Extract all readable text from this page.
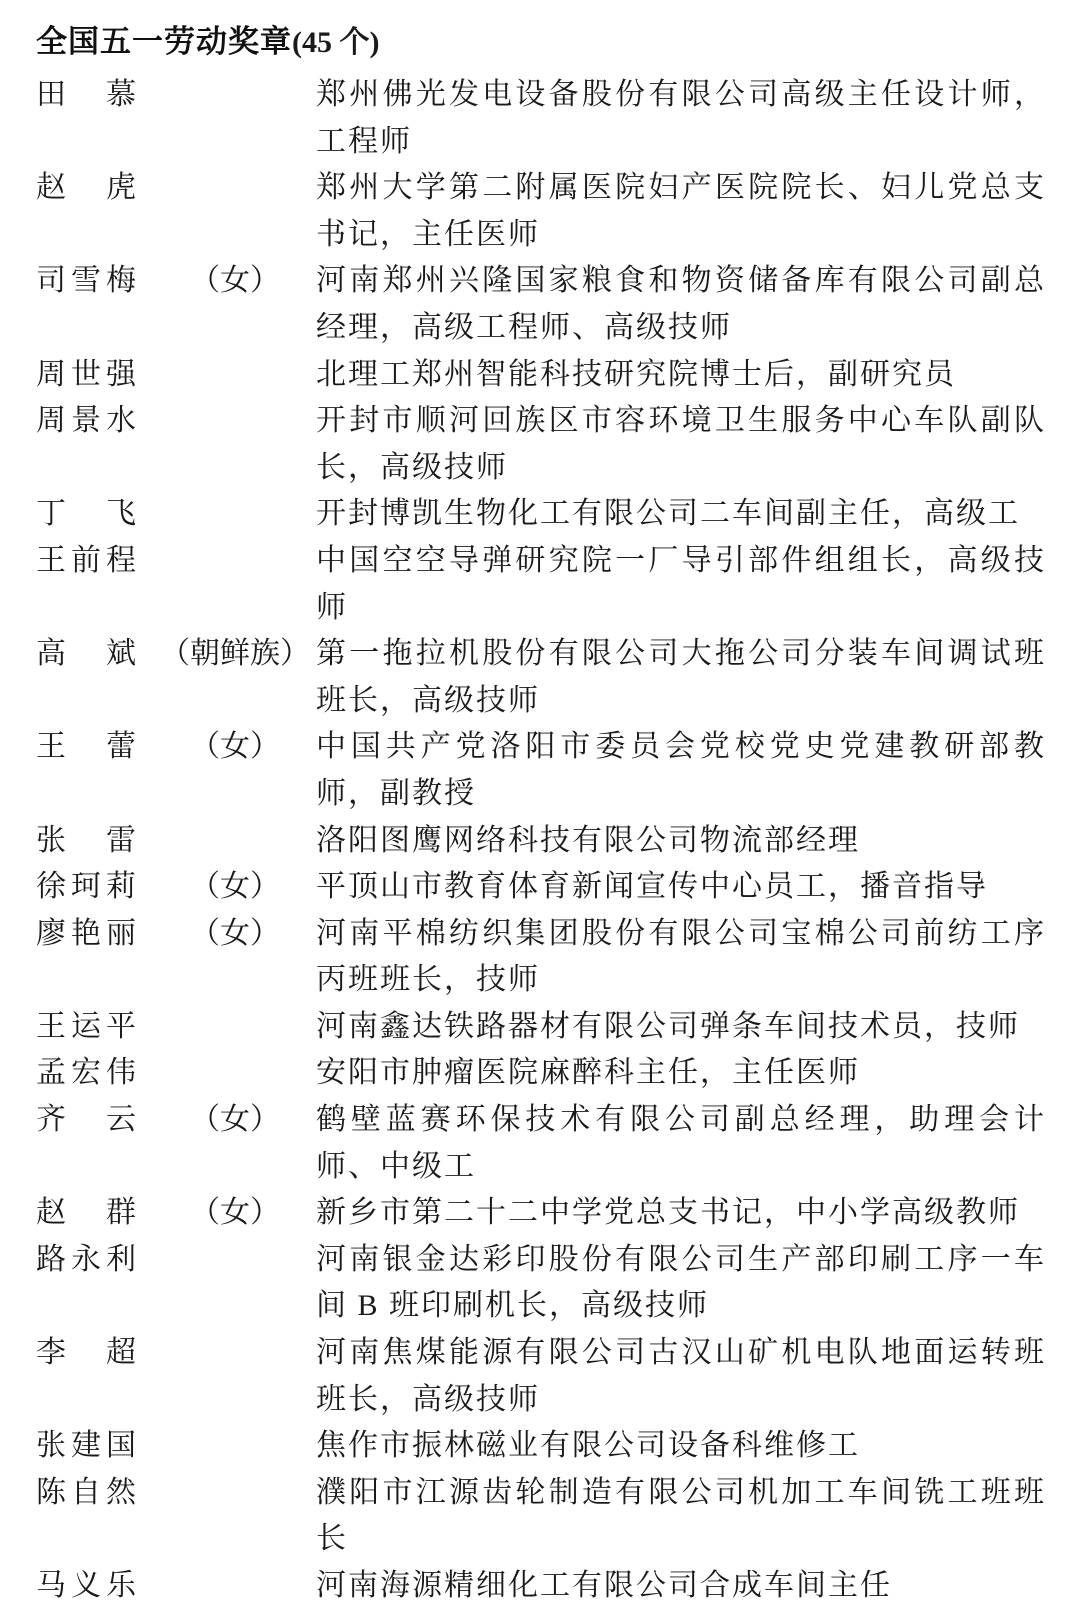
全国五一劳动奖章(45 个)
田　慕	郑州佛光发电设备股份有限公司高级主任设计师，工程师
赵　虎	郑州大学第二附属医院妇产医院院长、妇儿党总支书记，主任医师
司雪梅	（女）	河南郑州兴隆国家粮食和物资储备库有限公司副总经理，高级工程师、高级技师
周世强	北理工郑州智能科技研究院博士后，副研究员
周景水	开封市顺河回族区市容环境卫生服务中心车队副队长，高级技师
丁　飞	开封博凯生物化工有限公司二车间副主任，高级工
王前程	中国空空导弹研究院一厂导引部件组组长，高级技师
高　斌 （朝鲜族） 第一拖拉机股份有限公司大拖公司分装车间调试班班长，高级技师
王　蕾	（女）	中国共产党洛阳市委员会党校党史党建教研部教师，副教授
张　雷	洛阳图鹰网络科技有限公司物流部经理
徐珂莉	（女）	平顶山市教育体育新闻宣传中心员工，播音指导
廖艳丽	（女）	河南平棉纺织集团股份有限公司宝棉公司前纺工序丙班班长，技师
王运平	河南鑫达铁路器材有限公司弹条车间技术员，技师
孟宏伟	安阳市肿瘤医院麻醉科主任，主任医师
齐　云	（女）	鹤壁蓝赛环保技术有限公司副总经理，助理会计师、中级工
赵　群	（女）	新乡市第二十二中学党总支书记，中小学高级教师
路永利	河南银金达彩印股份有限公司生产部印刷工序一车间 B 班印刷机长，高级技师
李　超	河南焦煤能源有限公司古汉山矿机电队地面运转班班长，高级技师
张建国	焦作市振林磁业有限公司设备科维修工
陈自然	濮阳市江源齿轮制造有限公司机加工车间铣工班班长
马义乐	河南海源精细化工有限公司合成车间主任
